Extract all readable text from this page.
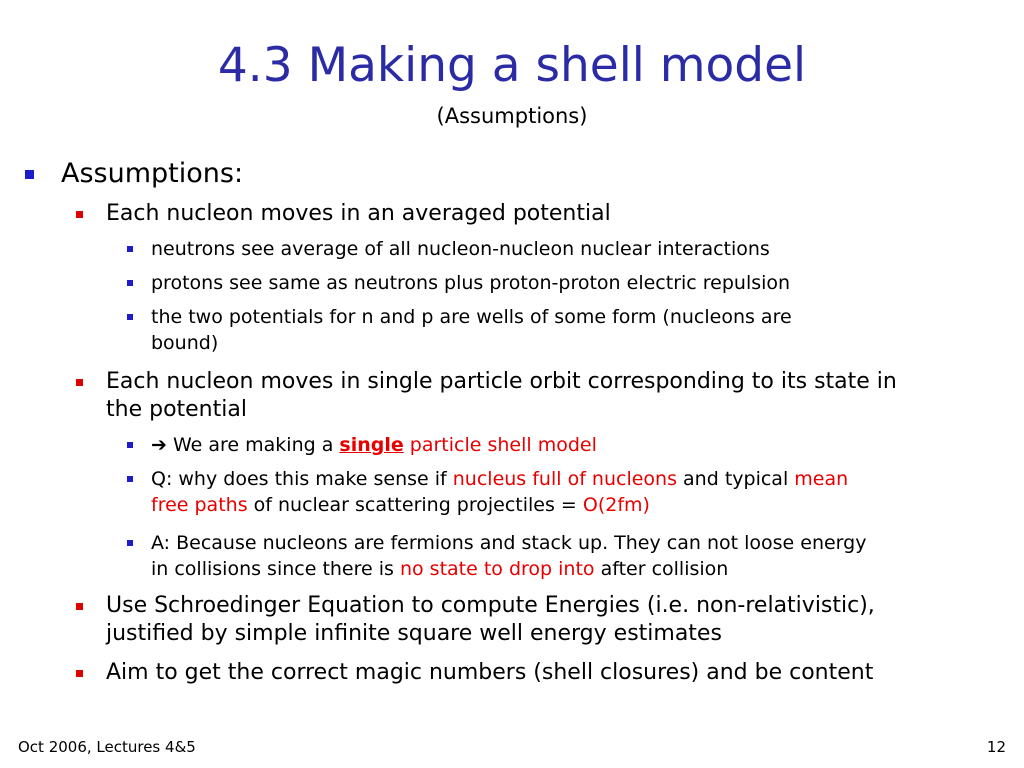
4.3 Making a shell model
(Assumptions)
Assumptions:
Each nucleon moves in an averaged potential
neutrons see average of all nucleon-nucleon nuclear interactions
protons see same as neutrons plus proton-proton electric repulsion
the two potentials for n and p are wells of some form (nucleons are
bound)
Each nucleon moves in single particle orbit corresponding to its state in
the potential
➔ We are making a single particle shell model
Q: why does this make sense if nucleus full of nucleons and typical mean
free paths of nuclear scattering projectiles = O(2fm)
A: Because nucleons are fermions and stack up. They can not loose energy
in collisions since there is no state to drop into after collision
Use Schroedinger Equation to compute Energies (i.e. non-relativistic),
justified by simple infinite square well energy estimates
Aim to get the correct magic numbers (shell closures) and be content
Oct 2006, Lectures 4&5	12
